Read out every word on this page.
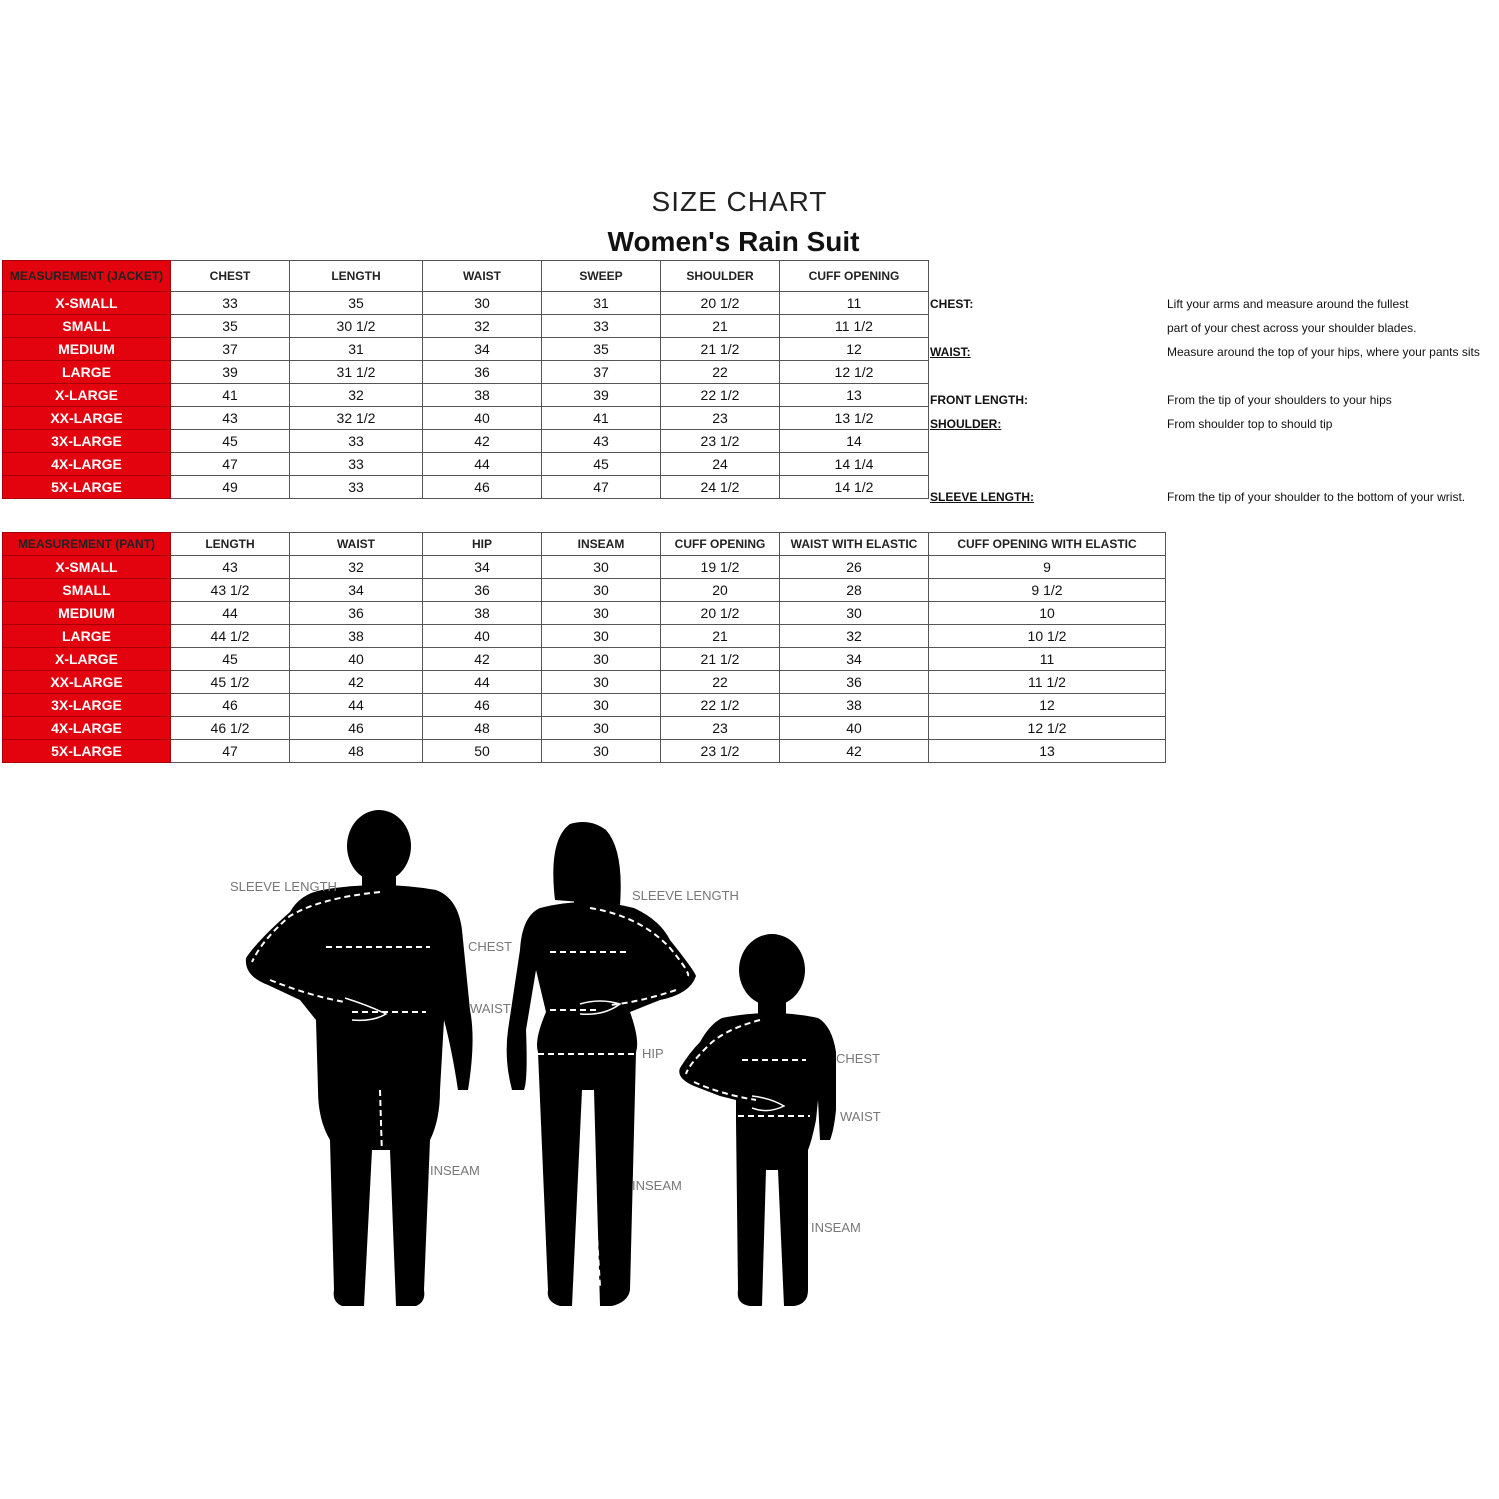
SIZE CHART
Women's Rain Suit
MEASUREMENT (JACKET)	CHEST	LENGTH	WAIST	SWEEP	SHOULDER	CUFF OPENING
X-SMALL	33	35	30	31	20 1/2	11
SMALL	35	30 1/2	32	33	21	11 1/2
MEDIUM	37	31	34	35	21 1/2	12
LARGE	39	31 1/2	36	37	22	12 1/2
X-LARGE	41	32	38	39	22 1/2	13
XX-LARGE	43	32 1/2	40	41	23	13 1/2
3X-LARGE	45	33	42	43	23 1/2	14
4X-LARGE	47	33	44	45	24	14 1/4
5X-LARGE	49	33	46	47	24 1/2	14 1/2
MEASUREMENT (PANT)	LENGTH	WAIST	HIP	INSEAM	CUFF OPENING	WAIST WITH ELASTIC	CUFF OPENING WITH ELASTIC
X-SMALL	43	32	34	30	19 1/2	26	9
SMALL	43 1/2	34	36	30	20	28	9 1/2
MEDIUM	44	36	38	30	20 1/2	30	10
LARGE	44 1/2	38	40	30	21	32	10 1/2
X-LARGE	45	40	42	30	21 1/2	34	11
XX-LARGE	45 1/2	42	44	30	22	36	11 1/2
3X-LARGE	46	44	46	30	22 1/2	38	12
4X-LARGE	46 1/2	46	48	30	23	40	12 1/2
5X-LARGE	47	48	50	30	23 1/2	42	13
CHEST:	Lift your arms and measure around the fullest
part of your chest across your shoulder blades.
WAIST:	Measure around the top of your hips, where your pants sits
FRONT LENGTH:	From the tip of your shoulders to your hips
SHOULDER:	From shoulder top to should tip
SLEEVE LENGTH:	From the tip of your shoulder to the bottom of your wrist.
SLEEVE LENGTH
CHEST
WAIST
INSEAM
SLEEVE LENGTH
HIP
INSEAM
CHEST
WAIST
INSEAM
